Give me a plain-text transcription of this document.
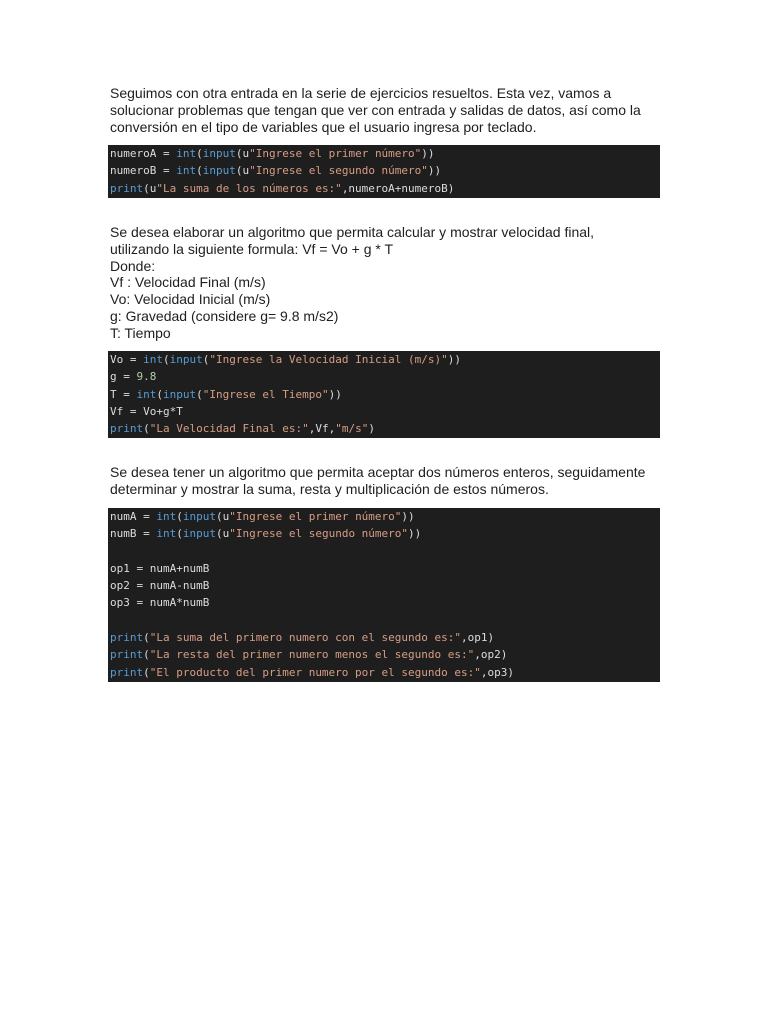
Seguimos con otra entrada en la serie de ejercicios resueltos. Esta vez, vamos a

solucionar problemas que tengan que ver con entrada y salidas de datos, así como la

conversión en el tipo de variables que el usuario ingresa por teclado.

numeroA = int(input(u"Ingrese el primer número"))
numeroB = int(input(u"Ingrese el segundo número"))
print(u"La suma de los números es:",numeroA+numeroB)

Se desea elaborar un algoritmo que permita calcular y mostrar velocidad final,

utilizando la siguiente formula: Vf = Vo + g * T

Donde:

Vf : Velocidad Final (m/s)

Vo: Velocidad Inicial (m/s)

g: Gravedad (considere g= 9.8 m/s2)

T: Tiempo

Vo = int(input("Ingrese la Velocidad Inicial (m/s)"))
g = 9.8
T = int(input("Ingrese el Tiempo"))
Vf = Vo+g*T
print("La Velocidad Final es:",Vf,"m/s")

Se desea tener un algoritmo que permita aceptar dos números enteros, seguidamente

determinar y mostrar la suma, resta y multiplicación de estos números.

numA = int(input(u"Ingrese el primer número"))
numB = int(input(u"Ingrese el segundo número"))
op1 = numA+numB
op2 = numA-numB
op3 = numA*numB
print("La suma del primero numero con el segundo es:",op1)
print("La resta del primer numero menos el segundo es:",op2)
print("El producto del primer numero por el segundo es:",op3)
